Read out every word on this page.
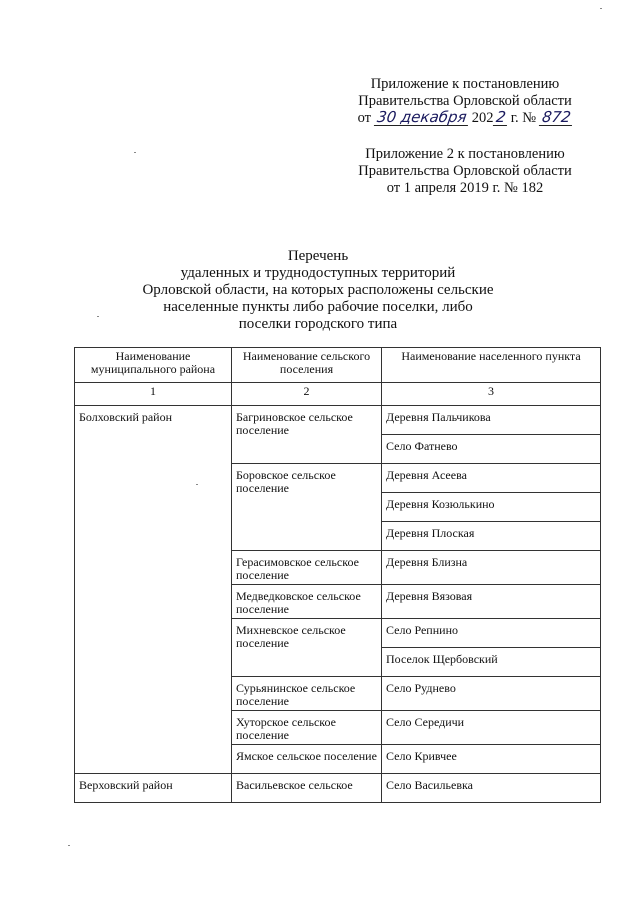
Приложение к постановлению
Правительства Орловской области
от 30 декабря 2022 г. № 872
Приложение 2 к постановлению
Правительства Орловской области
от 1 апреля 2019 г. № 182
Перечень
удаленных и труднодоступных территорий
Орловской области, на которых расположены сельские
населенные пункты либо рабочие поселки, либо
поселки городского типа
Наименование муниципального района	Наименование сельского поселения	Наименование населенного пункта
1	2	3
Болховский район	Багриновское сельское поселение	Деревня Пальчикова
		Село Фатнево
	Боровское сельское поселение	Деревня Асеева
		Деревня Козюлькино
		Деревня Плоская
	Герасимовское сельское поселение	Деревня Близна
	Медведковское сельское поселение	Деревня Вязовая
	Михневское сельское поселение	Село Репнино
		Поселок Щербовский
	Сурьянинское сельское поселение	Село Руднево
	Хуторское сельское поселение	Село Середичи
	Ямское сельское поселение	Село Кривчее

Верховский район	Васильевское сельское	Село Васильевка
